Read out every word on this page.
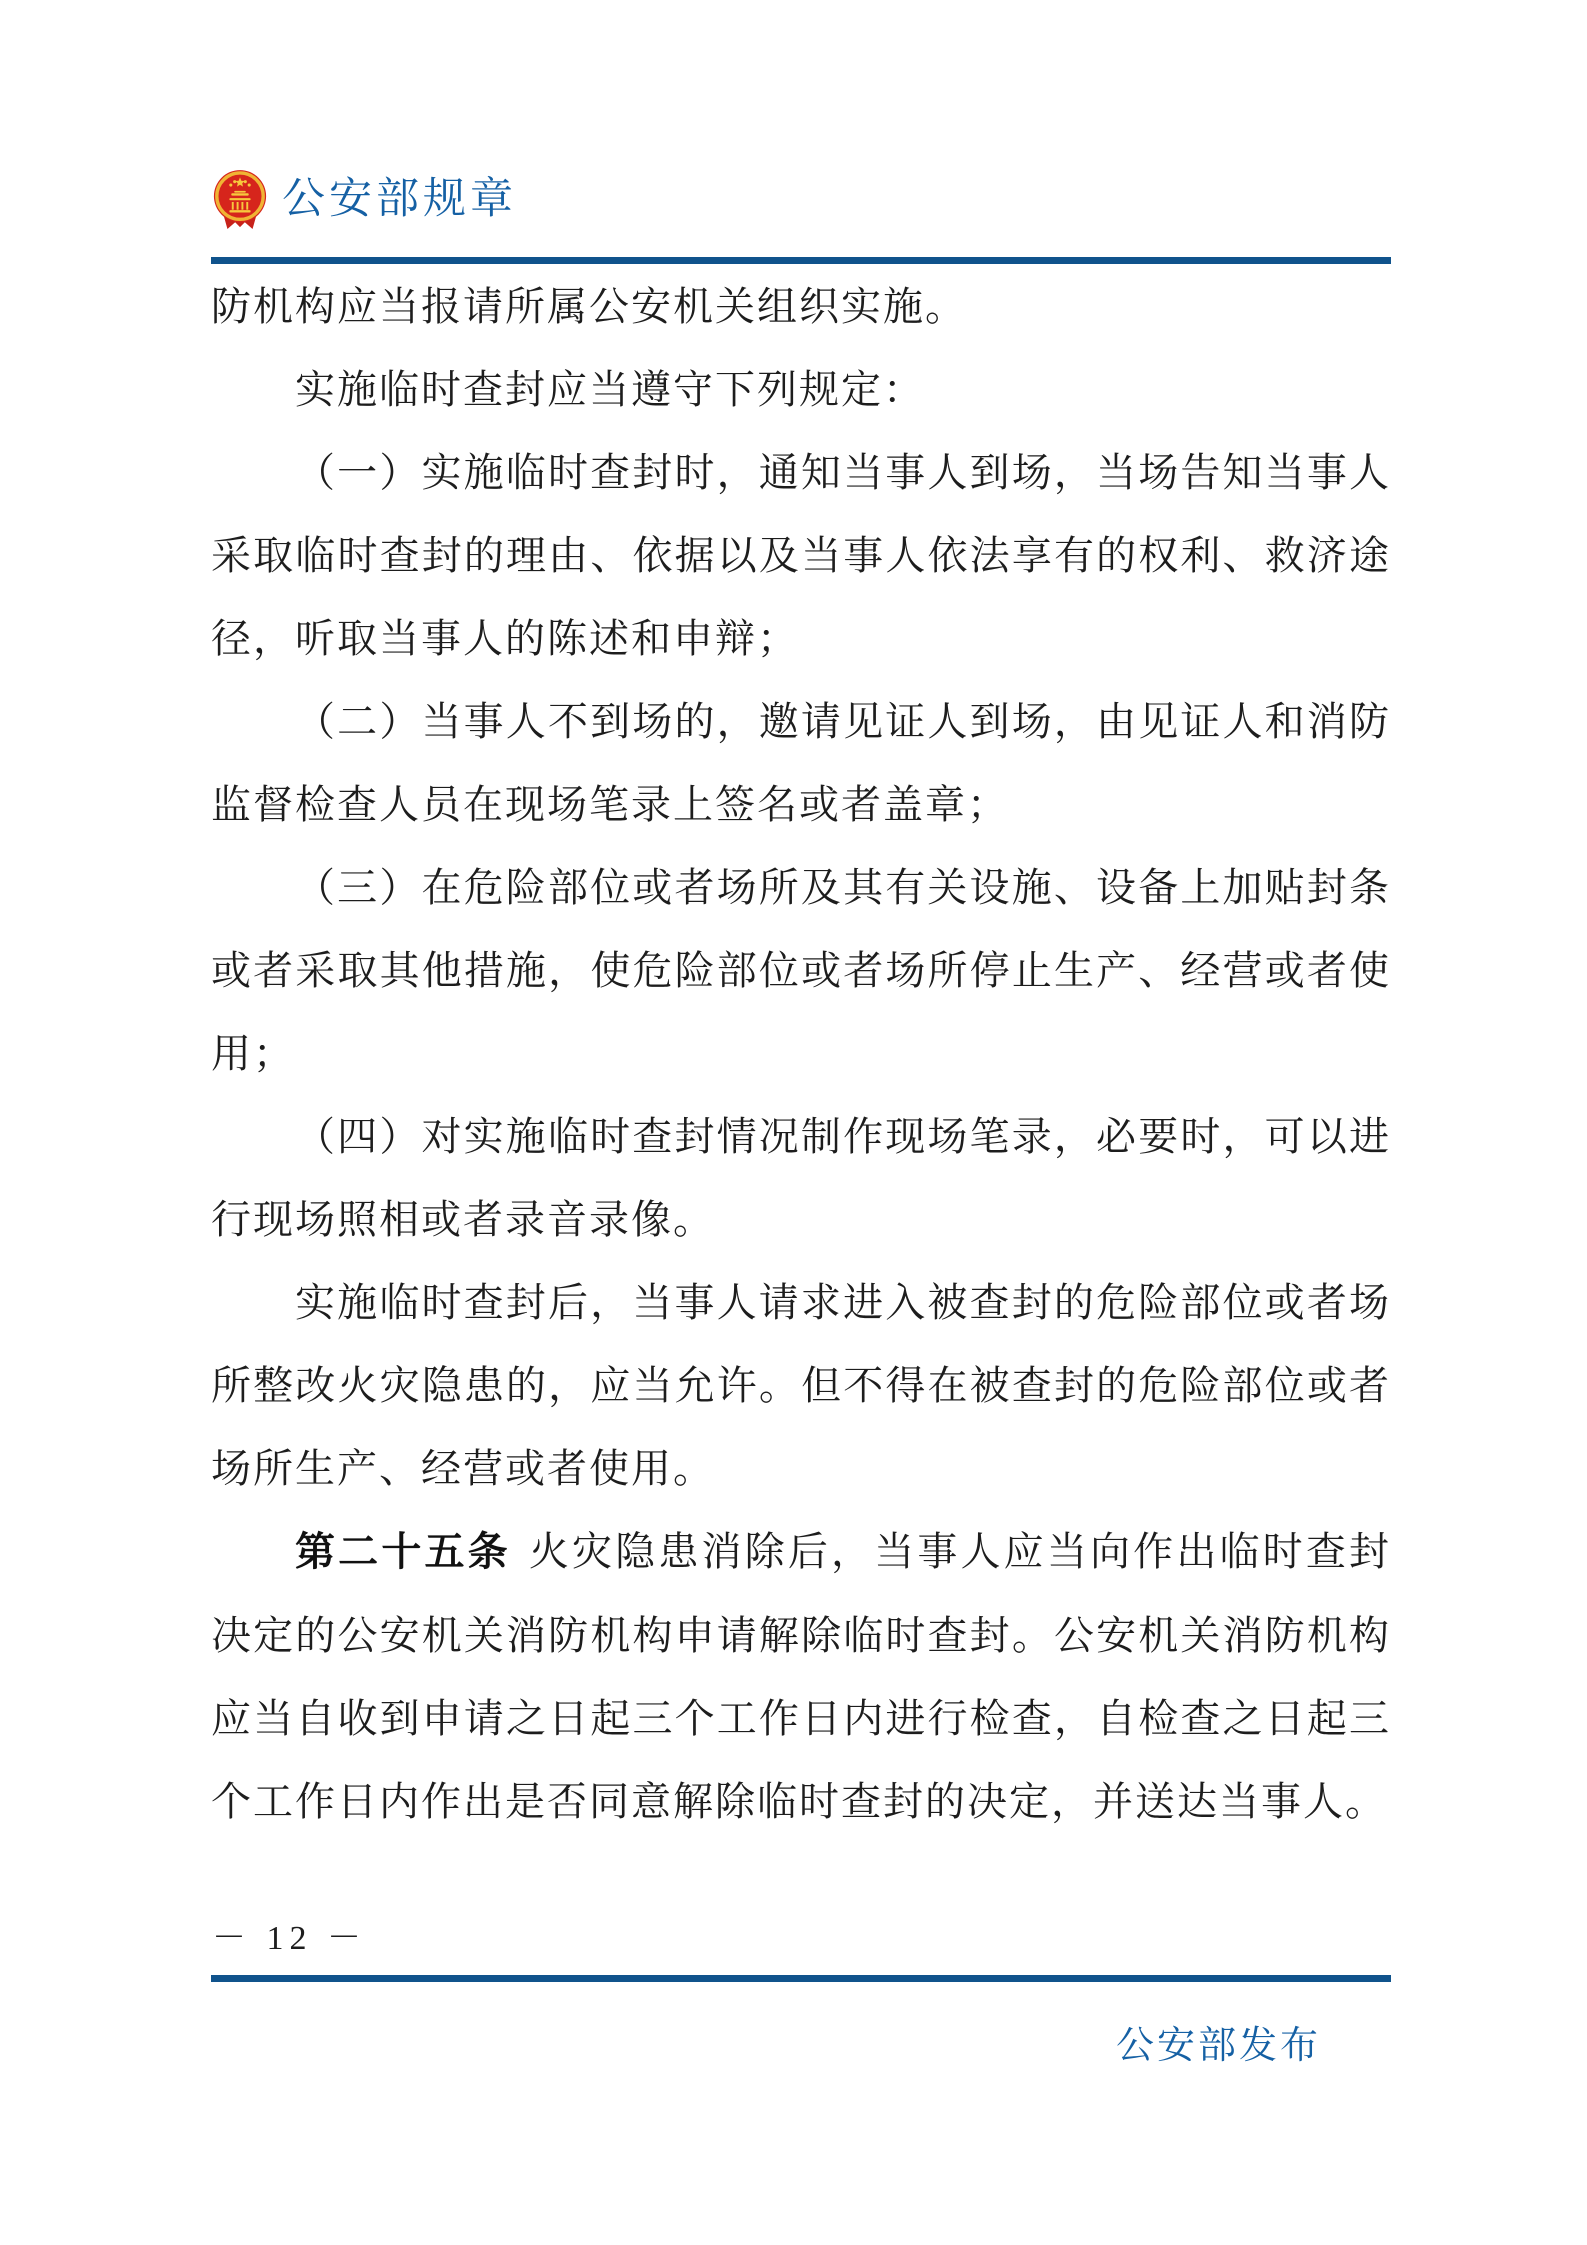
公安部规章

防机构应当报请所属公安机关组织实施。

实施临时查封应当遵守下列规定：

（一）实施临时查封时，通知当事人到场，当场告知当事人采取临时查封的理由、依据以及当事人依法享有的权利、救济途径，听取当事人的陈述和申辩；

（二）当事人不到场的，邀请见证人到场，由见证人和消防监督检查人员在现场笔录上签名或者盖章；

（三）在危险部位或者场所及其有关设施、设备上加贴封条或者采取其他措施，使危险部位或者场所停止生产、经营或者使用；

（四）对实施临时查封情况制作现场笔录，必要时，可以进行现场照相或者录音录像。

实施临时查封后，当事人请求进入被查封的危险部位或者场所整改火灾隐患的，应当允许。但不得在被查封的危险部位或者场所生产、经营或者使用。

第二十五条 火灾隐患消除后，当事人应当向作出临时查封决定的公安机关消防机构申请解除临时查封。公安机关消防机构应当自收到申请之日起三个工作日内进行检查，自检查之日起三个工作日内作出是否同意解除临时查封的决定，并送达当事人。

－ 12 －
公安部发布
